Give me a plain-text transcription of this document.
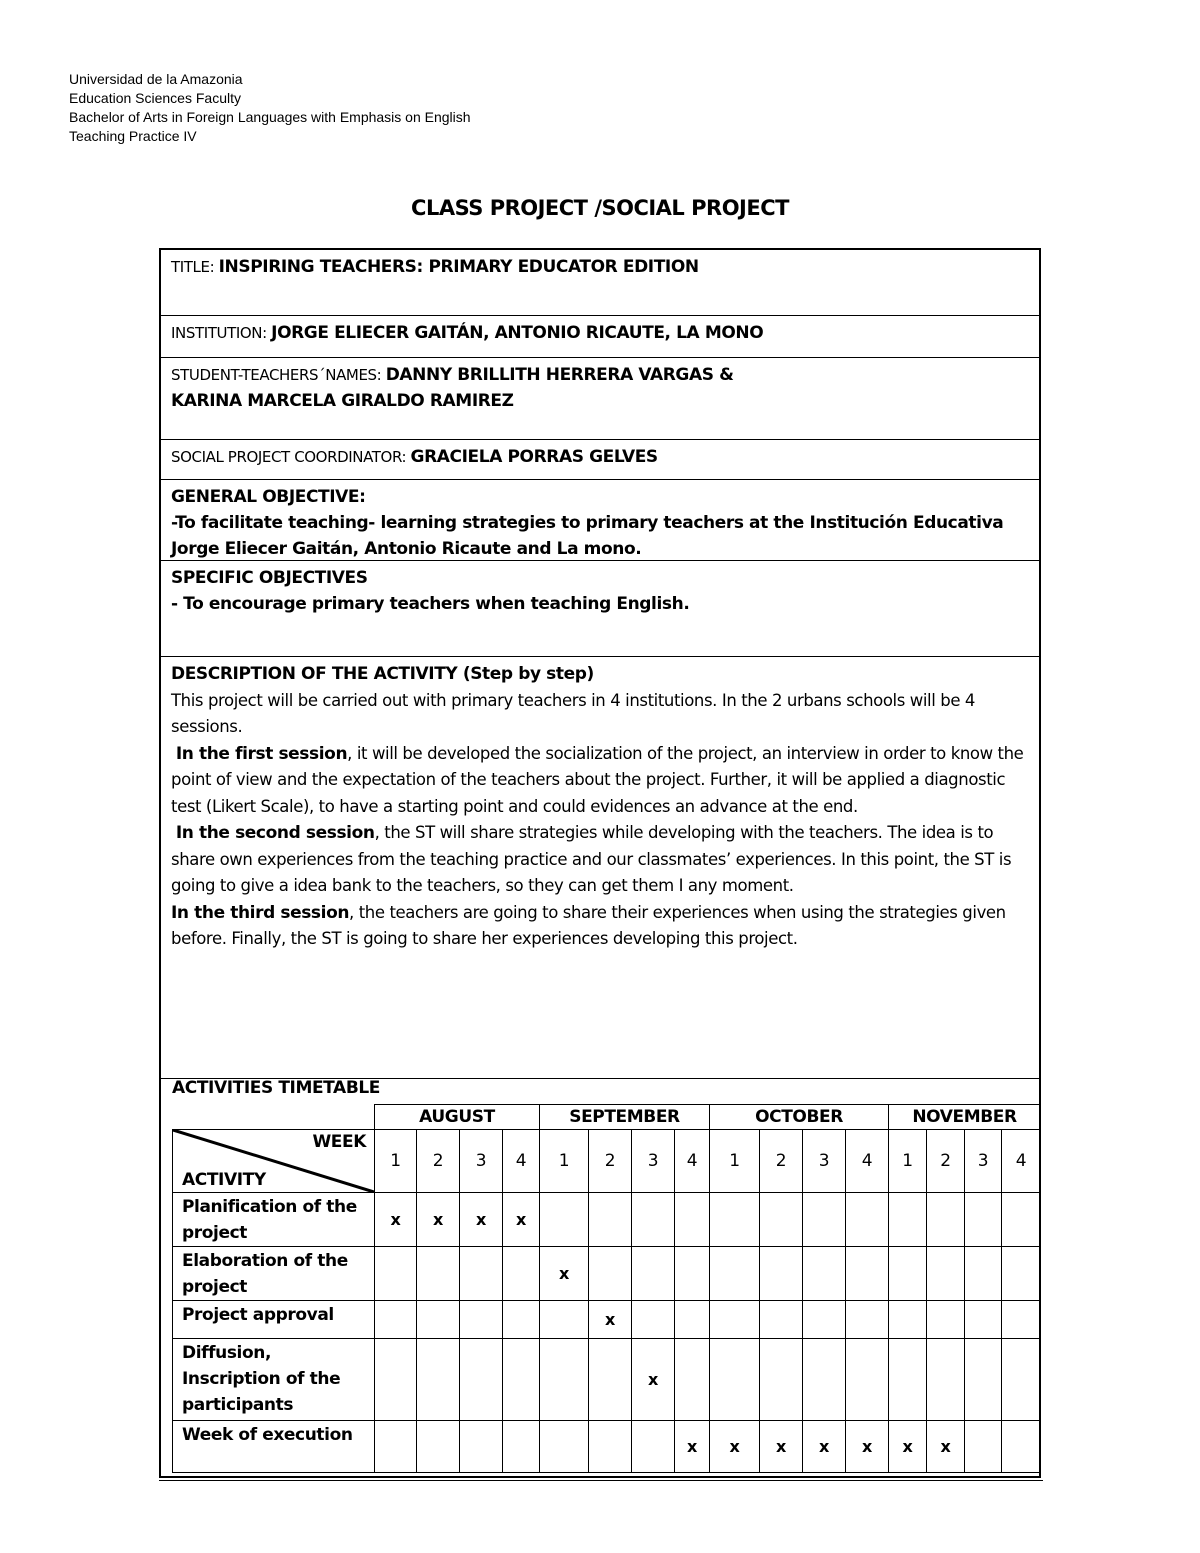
Universidad de la Amazonia
Education Sciences Faculty
Bachelor of Arts in Foreign Languages with Emphasis on English
Teaching Practice IV
CLASS PROJECT /SOCIAL PROJECT
TITLE: INSPIRING TEACHERS: PRIMARY EDUCATOR EDITION
INSTITUTION: JORGE ELIECER GAITÁN, ANTONIO RICAUTE, LA MONO
STUDENT-TEACHERS´NAMES: DANNY BRILLITH HERRERA VARGAS &
KARINA MARCELA GIRALDO RAMIREZ
SOCIAL PROJECT COORDINATOR: GRACIELA PORRAS GELVES
GENERAL OBJECTIVE:
-To facilitate teaching- learning strategies to primary teachers at the Institución Educativa Jorge Eliecer Gaitán, Antonio Ricaute and La mono.
SPECIFIC OBJECTIVES
- To encourage primary teachers when teaching English.
DESCRIPTION OF THE ACTIVITY (Step by step)

This project will be carried out with primary teachers in 4 institutions. In the 2 urbans schools will be 4 sessions.

In the first session, it will be developed the socialization of the project, an interview in order to know the point of view and the expectation of the teachers about the project. Further, it will be applied a diagnostic test (Likert Scale), to have a starting point and could evidences an advance at the end.

In the second session, the ST will share strategies while developing with the teachers. The idea is to share own experiences from the teaching practice and our classmates’ experiences. In this point, the ST is going to give a idea bank to the teachers, so they can get them I any moment.

In the third session, the teachers are going to share their experiences when using the strategies given before. Finally, the ST is going to share her experiences developing this project.

ACTIVITIES TIMETABLE
	AUGUST				SEPTEMBER				OCTOBER				NOVEMBER			

WEEK
ACTIVITY	1	2	3	4	1	2	3	4	1	2	3	4	1	2	3	4
Planification of the project	x	x	x	x												
Elaboration of the project					x											
Project approval						x										
Diffusion, Inscription of the participants							x									
Week of execution								x	x	x	x	x	x	x		
